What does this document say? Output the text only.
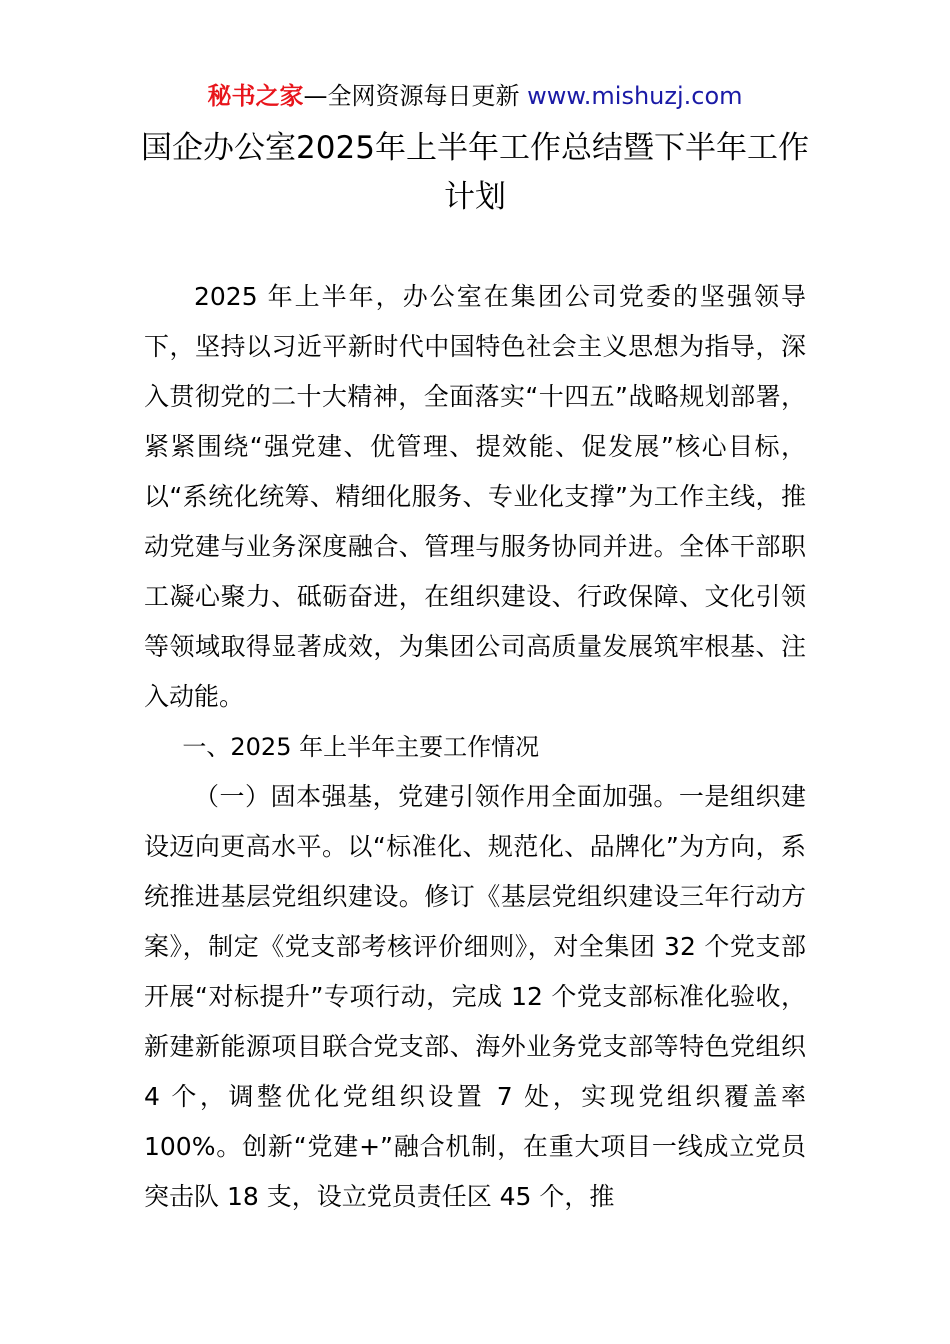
秘书之家—全网资源每日更新 www.mishuzj.com
国企办公室2025年上半年工作总结暨下半年工作计划

2025 年上半年，办公室在集团公司党委的坚强领导下，坚持以习近平新时代中国特色社会主义思想为指导，深入贯彻党的二十大精神，全面落实“十四五”战略规划部署，紧紧围绕“强党建、优管理、提效能、促发展”核心目标，以“系统化统筹、精细化服务、专业化支撑”为工作主线，推动党建与业务深度融合、管理与服务协同并进。全体干部职工凝心聚力、砥砺奋进，在组织建设、行政保障、文化引领等领域取得显著成效，为集团公司高质量发展筑牢根基、注入动能。

一、2025 年上半年主要工作情况

（一）固本强基，党建引领作用全面加强。一是组织建设迈向更高水平。以“标准化、规范化、品牌化”为方向，系统推进基层党组织建设。修订《基层党组织建设三年行动方案》，制定《党支部考核评价细则》，对全集团 32 个党支部开展“对标提升”专项行动，完成 12 个党支部标准化验收，新建新能源项目联合党支部、海外业务党支部等特色党组织 4 个，调整优化党组织设置 7 处，实现党组织覆盖率 100%。创新“党建+”融合机制，在重大项目一线成立党员突击队 18 支，设立党员责任区 45 个，推
